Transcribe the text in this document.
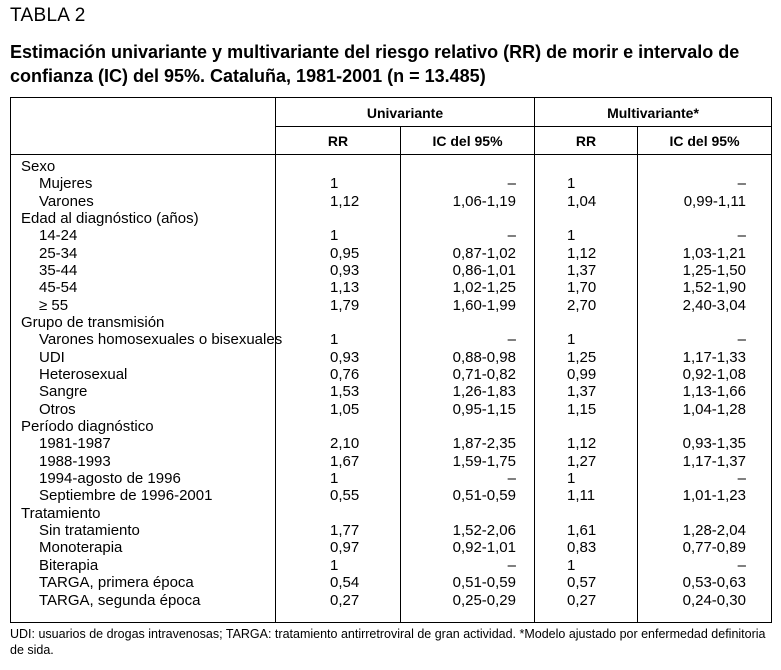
TABLA 2
Estimación univariante y multivariante del riesgo relativo (RR) de morir e intervalo de confianza (IC) del 95%. Cataluña, 1981-2001 (n = 13.485)
Univariante	Multivariante*
RR	IC del 95%	RR	IC del 95%
Sexo
Mujeres	1	–	1	–
Varones	1,12	1,06-1,19	1,04	0,99-1,11
Edad al diagnóstico (años)
14-24	1	–	1	–
25-34	0,95	0,87-1,02	1,12	1,03-1,21
35-44	0,93	0,86-1,01	1,37	1,25-1,50
45-54	1,13	1,02-1,25	1,70	1,52-1,90
≥ 55	1,79	1,60-1,99	2,70	2,40-3,04
Grupo de transmisión
Varones homosexuales o bisexuales	1	–	1	–
UDI	0,93	0,88-0,98	1,25	1,17-1,33
Heterosexual	0,76	0,71-0,82	0,99	0,92-1,08
Sangre	1,53	1,26-1,83	1,37	1,13-1,66
Otros	1,05	0,95-1,15	1,15	1,04-1,28
Período diagnóstico
1981-1987	2,10	1,87-2,35	1,12	0,93-1,35
1988-1993	1,67	1,59-1,75	1,27	1,17-1,37
1994-agosto de 1996	1	–	1	–
Septiembre de 1996-2001	0,55	0,51-0,59	1,11	1,01-1,23
Tratamiento
Sin tratamiento	1,77	1,52-2,06	1,61	1,28-2,04
Monoterapia	0,97	0,92-1,01	0,83	0,77-0,89
Biterapia	1	–	1	–
TARGA, primera época	0,54	0,51-0,59	0,57	0,53-0,63
TARGA, segunda época	0,27	0,25-0,29	0,27	0,24-0,30
UDI: usuarios de drogas intravenosas; TARGA: tratamiento antirretroviral de gran actividad. *Modelo ajustado por enfermedad definitoria de sida.
